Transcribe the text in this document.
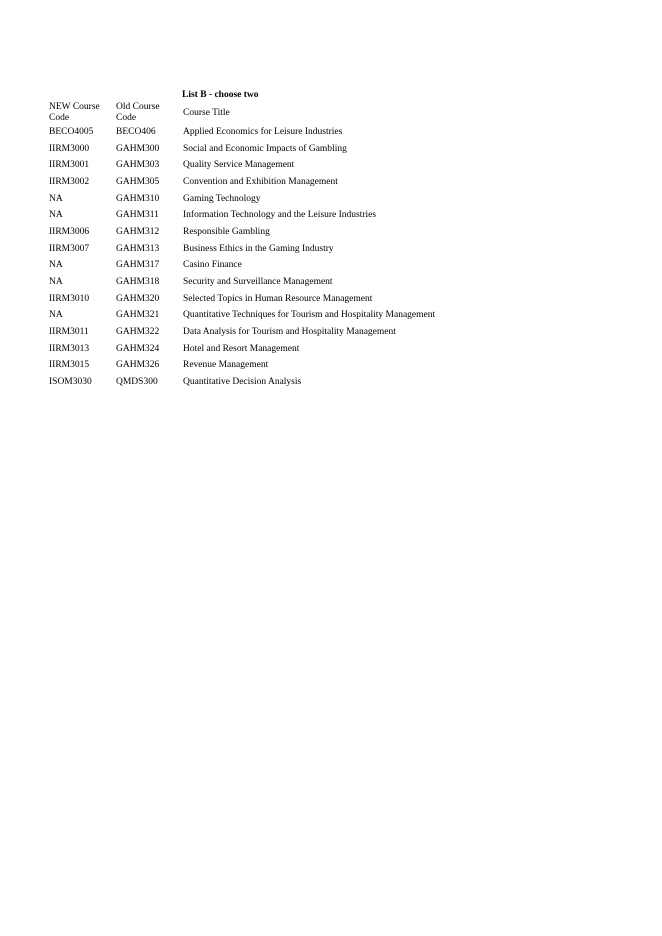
List B - choose two
NEW Course Code	Old Course Code	Course Title
BECO4005	BECO406	Applied Economics for Leisure Industries
IIRM3000	GAHM300	Social and Economic Impacts of Gambling
IIRM3001	GAHM303	Quality Service Management
IIRM3002	GAHM305	Convention and Exhibition Management
NA	GAHM310	Gaming Technology
NA	GAHM311	Information Technology and the Leisure Industries
IIRM3006	GAHM312	Responsible Gambling
IIRM3007	GAHM313	Business Ethics in the Gaming Industry
NA	GAHM317	Casino Finance
NA	GAHM318	Security and Surveillance Management
IIRM3010	GAHM320	Selected Topics in Human Resource Management
NA	GAHM321	Quantitative Techniques for Tourism and Hospitality Management
IIRM3011	GAHM322	Data Analysis for Tourism and Hospitality Management
IIRM3013	GAHM324	Hotel and Resort Management
IIRM3015	GAHM326	Revenue Management
ISOM3030	QMDS300	Quantitative Decision Analysis
